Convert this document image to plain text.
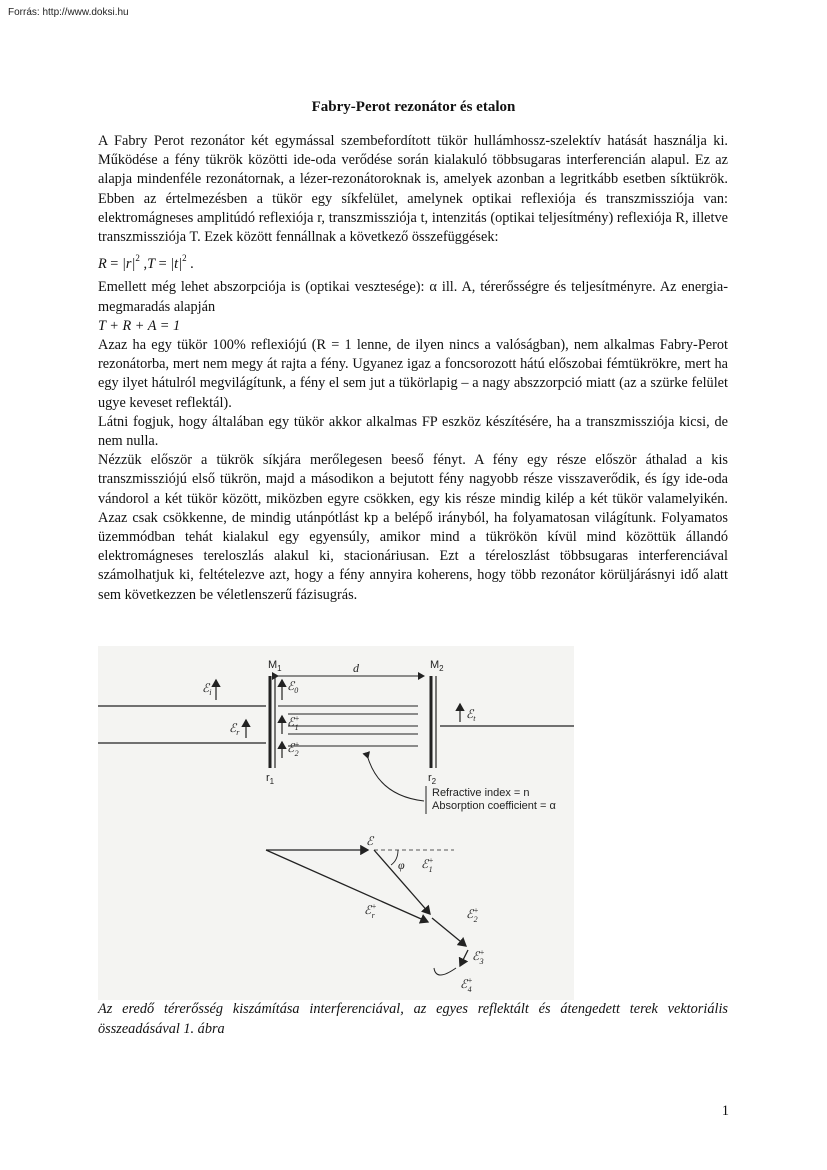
Forrás: http://www.doksi.hu
Fabry-Perot rezonátor és etalon

A Fabry Perot rezonátor két egymással szembefordított tükör hullámhossz-szelektív hatását használja ki. Működése a fény tükrök közötti ide-oda verődése során kialakuló többsugaras interferencián alapul. Ez az alapja mindenféle rezonátornak, a lézer-rezonátoroknak is, amelyek azonban a legritkább esetben síktükrök. Ebben az értelmezésben a tükör egy síkfelület, amelynek optikai reflexiója és transzmissziója van: elektromágneses amplitúdó reflexiója r, transzmissziója t, intenzitás (optikai teljesítmény) reflexiója R, illetve transzmissziója T. Ezek között fennállnak a következő összefüggések:

$R = |r|^2$ $,T = |t|^2$ .

Emellett még lehet abszorpciója is (optikai vesztesége): α ill. A, térerősségre és teljesítményre. Az energia-megmaradás alapján

T + R + A = 1

Azaz ha egy tükör 100% reflexiójú (R = 1 lenne, de ilyen nincs a valóságban), nem alkalmas Fabry-Perot rezonátorba, mert nem megy át rajta a fény. Ugyanez igaz a foncsorozott hátú előszobai fémtükrökre, mert ha egy ilyet hátulról megvilágítunk, a fény el sem jut a tükörlapig – a nagy abszzorpció miatt (az a szürke felület ugye keveset reflektál).

Látni fogjuk, hogy általában egy tükör akkor alkalmas FP eszköz készítésére, ha a transzmissziója kicsi, de nem nulla.

Nézzük először a tükrök síkjára merőlegesen beeső fényt. A fény egy része először áthalad a kis transzmissziójú első tükrön, majd a másodikon a bejutott fény nagyobb része visszaverődik, és így ide-oda vándorol a két tükör között, miközben egyre csökken, egy kis része mindig kilép a két tükör valamelyikén. Azaz csak csökkenne, de mindig utánpótlást kp a belépő irányból, ha folyamatosan világítunk. Folyamatos üzemmódban tehát kialakul egy egyensúly, amikor mind a tükrökön kívül mind közöttük állandó elektromágneses tereloszlás alakul ki, stacionáriusan. Ezt a téreloszlást többsugaras interferenciával számolhatjuk ki, feltételezve azt, hogy a fény annyira koherens, hogy több rezonátor körüljárásnyi idő alatt sem következzen be véletlenszerű fázisugrás.

$M_1$	$M_2$
d
$r_1$	$r_2$
ℰ$_i$
ℰ$_r$
ℰ$_0$
ℰ+ 1
ℰ+ 2
ℰ$_t$
Refractive index = n
Absorption coefficient = α
φ
ℰ
ℰ+ 1
ℰ+ r	ℰ+ 2
ℰ+ 3
ℰ+ 4
Az eredő térerősség kiszámítása interferenciával, az egyes reflektált és átengedett terek vektoriális összeadásával 1. ábra
1
